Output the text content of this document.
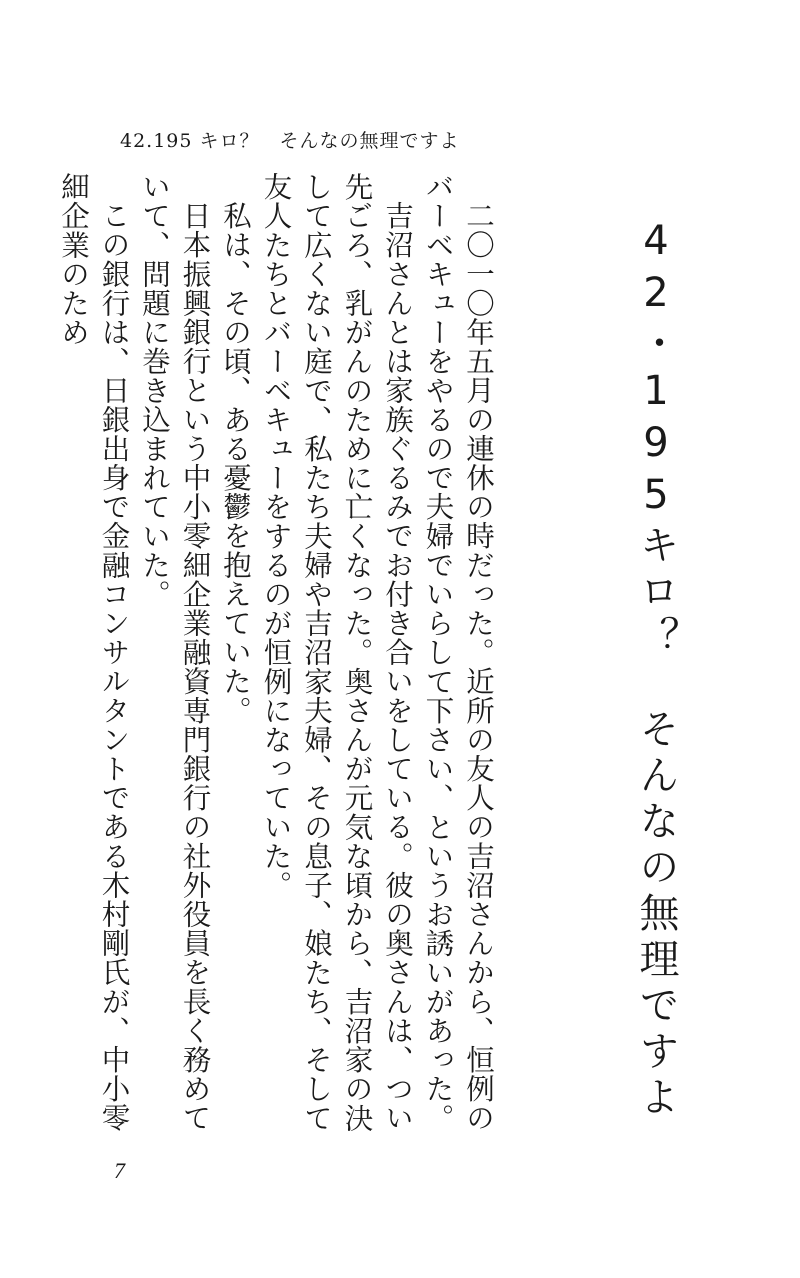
42.195 キロ？　そんなの無理ですよ
42・195キロ？　そんなの無理ですよ

二〇一〇年五月の連休の時だった。近所の友人の吉沼さんから、恒例のバーベキューをやるので夫婦でいらして下さい、というお誘いがあった。

吉沼さんとは家族ぐるみでお付き合いをしている。彼の奥さんは、つい先ごろ、乳がんのために亡くなった。奥さんが元気な頃から、吉沼家の決して広くない庭で、私たち夫婦や吉沼家夫婦、その息子、娘たち、そして友人たちとバーベキューをするのが恒例になっていた。

私は、その頃、ある憂鬱を抱えていた。

日本振興銀行という中小零細企業融資専門銀行の社外役員を長く務めていて、問題に巻き込まれていた。

この銀行は、日銀出身で金融コンサルタントである木村剛氏が、中小零細企業のため

7
